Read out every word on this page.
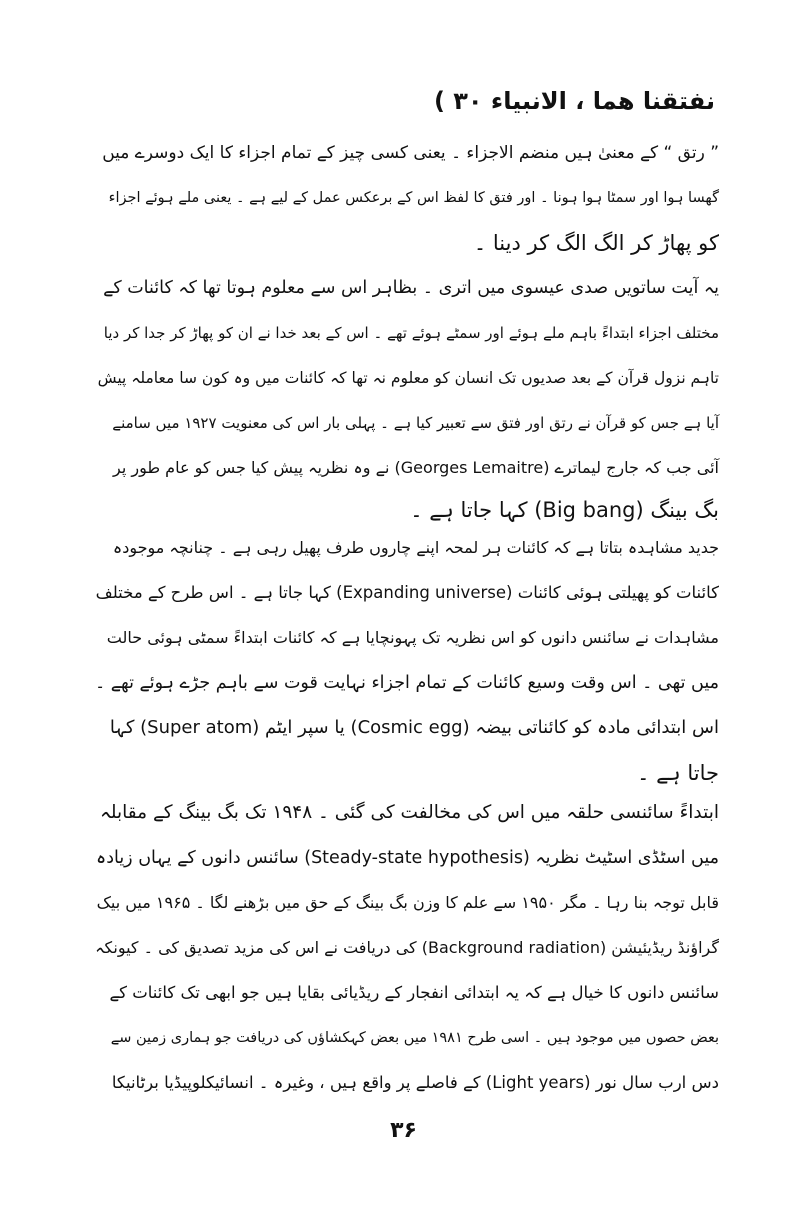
نفتقنا ھما ، الانبیاء ۳۰ )
” رتق “ کے معنیٰ ہیں منضم الاجزاء ۔ یعنی کسی چیز کے تمام اجزاء کا ایک دوسرے میں
گھسا ہوا اور سمٹا ہوا ہونا ۔ اور فتق کا لفظ اس کے برعکس عمل کے لیے ہے ۔ یعنی ملے ہوئے اجزاء
کو پھاڑ کر الگ الگ کر دینا ۔
یہ آیت ساتویں صدی عیسوی میں اتری ۔ بظاہر اس سے معلوم ہوتا تھا کہ کائنات کے
مختلف اجزاء ابتداءً باہم ملے ہوئے اور سمٹے ہوئے تھے ۔ اس کے بعد خدا نے ان کو پھاڑ کر جدا کر دیا
تاہم نزول قرآن کے بعد صدیوں تک انسان کو معلوم نہ تھا کہ کائنات میں وہ کون سا معاملہ پیش
آیا ہے جس کو قرآن نے رتق اور فتق سے تعبیر کیا ہے ۔ پہلی بار اس کی معنویت ۱۹۲۷ میں سامنے
آئی جب کہ جارج لیماترے (Georges Lemaitre) نے وہ نظریہ پیش کیا جس کو عام طور پر
بگ بینگ (Big bang) کہا جاتا ہے ۔
جدید مشاہدہ بتاتا ہے کہ کائنات ہر لمحہ اپنے چاروں طرف پھیل رہی ہے ۔ چنانچہ موجودہ
کائنات کو پھیلتی ہوئی کائنات (Expanding universe) کہا جاتا ہے ۔ اس طرح کے مختلف
مشاہدات نے سائنس دانوں کو اس نظریہ تک پہونچایا ہے کہ کائنات ابتداءً سمٹی ہوئی حالت
میں تھی ۔ اس وقت وسیع کائنات کے تمام اجزاء نہایت قوت سے باہم جڑے ہوئے تھے ۔
اس ابتدائی مادہ کو کائناتی بیضہ (Cosmic egg) یا سپر ایٹم (Super atom) کہا
جاتا ہے ۔
ابتداءً سائنسی حلقہ میں اس کی مخالفت کی گئی ۔ ۱۹۴۸ تک بگ بینگ کے مقابلہ
میں اسٹڈی اسٹیٹ نظریہ (Steady-state hypothesis) سائنس دانوں کے یہاں زیادہ
قابل توجہ بنا رہا ۔ مگر ۱۹۵۰ سے علم کا وزن بگ بینگ کے حق میں بڑھنے لگا ۔ ۱۹۶۵ میں بیک
گراؤنڈ ریڈیئیشن (Background radiation) کی دریافت نے اس کی مزید تصدیق کی ۔ کیونکہ
سائنس دانوں کا خیال ہے کہ یہ ابتدائی انفجار کے ریڈیائی بقایا ہیں جو ابھی تک کائنات کے
بعض حصوں میں موجود ہیں ۔ اسی طرح ۱۹۸۱ میں بعض کہکشاؤں کی دریافت جو ہماری زمین سے
دس ارب سال نور (Light years) کے فاصلے پر واقع ہیں ، وغیرہ ۔ انسائیکلوپیڈیا برٹانیکا
۳۶
